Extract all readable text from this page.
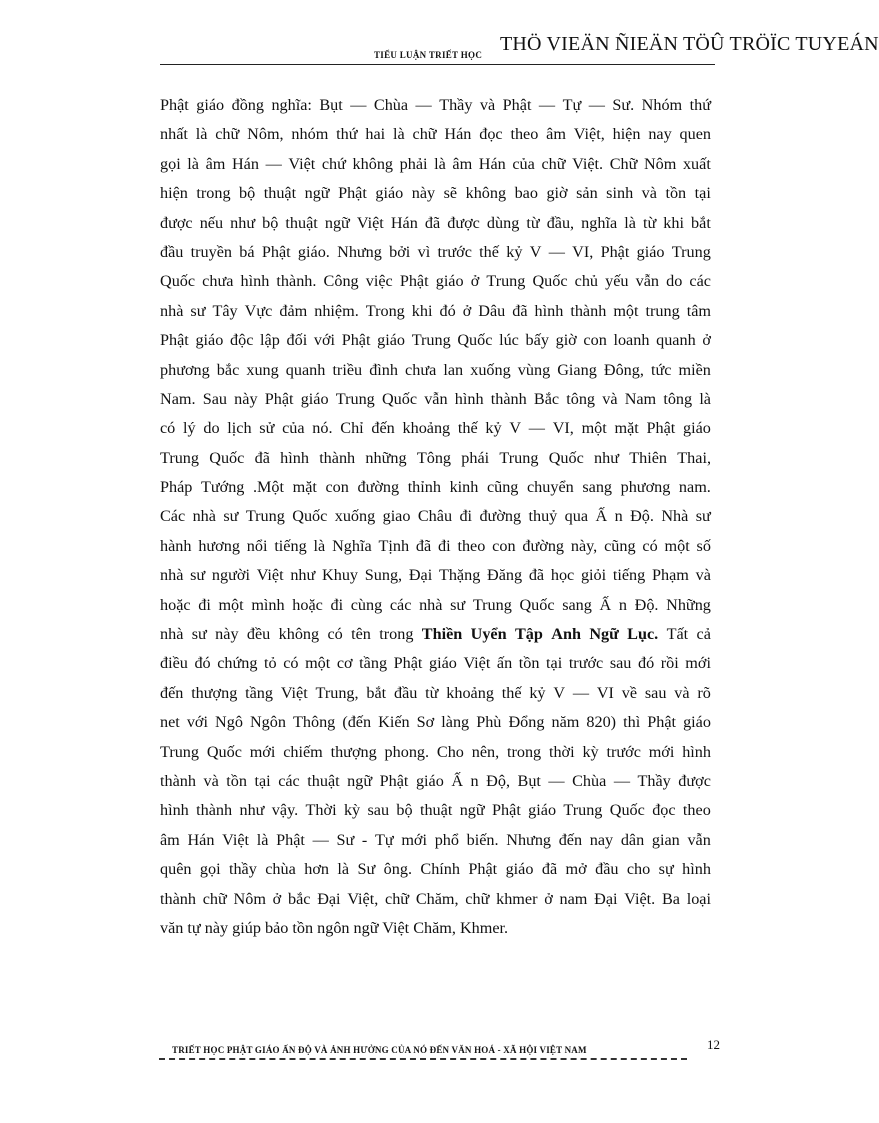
TIỂU LUẬN TRIẾT HỌC THÖ VIEÄN ÑIEÄN TÖÛ TRÖÏC TUYEÁN
Phật giáo đồng nghĩa: Bụt — Chùa — Thầy và Phật — Tự — Sư. Nhóm thứ
nhất là chữ Nôm, nhóm thứ hai là chữ Hán đọc theo âm Việt, hiện nay quen
gọi là âm Hán — Việt chứ không phải là âm Hán của chữ Việt. Chữ Nôm xuất
hiện trong bộ thuật ngữ Phật giáo này sẽ không bao giờ sản sinh và tồn tại
được nếu như bộ thuật ngữ Việt Hán đã được dùng từ đầu, nghĩa là từ khi bắt
đầu truyền bá Phật giáo. Nhưng bởi vì trước thế kỷ V — VI, Phật giáo Trung
Quốc chưa hình thành. Công việc Phật giáo ở Trung Quốc chủ yếu vẫn do các
nhà sư Tây Vực đảm nhiệm. Trong khi đó ở Dâu đã hình thành một trung tâm
Phật giáo độc lập đối với Phật giáo Trung Quốc lúc bấy giờ con loanh quanh ở
phương bắc xung quanh triều đình chưa lan xuống vùng Giang Đông, tức miền
Nam. Sau này Phật giáo Trung Quốc vẫn hình thành Bắc tông và Nam tông là
có lý do lịch sử của nó. Chỉ đến khoảng thế kỷ V — VI, một mặt Phật giáo
Trung Quốc đã hình thành những Tông phái Trung Quốc như Thiên Thai,
Pháp Tướng .Một mặt con đường thỉnh kinh cũng chuyển sang phương nam.
Các nhà sư Trung Quốc xuống giao Châu đi đường thuỷ qua Ấ n Độ. Nhà sư
hành hương nổi tiếng là Nghĩa Tịnh đã đi theo con đường này, cũng có một số
nhà sư người Việt như Khuy Sung, Đại Thặng Đăng đã học giỏi tiếng Phạm và
hoặc đi một mình hoặc đi cùng các nhà sư Trung Quốc sang Ấ n Độ. Những
nhà sư này đều không có tên trong Thiền Uyển Tập Anh Ngữ Lục. Tất cả
điều đó chứng tỏ có một cơ tầng Phật giáo Việt ấn tồn tại trước sau đó rồi mới
đến thượng tầng Việt Trung, bắt đầu từ khoảng thế kỷ V — VI về sau và rõ
net với Ngô Ngôn Thông (đến Kiến Sơ làng Phù Đổng năm 820) thì Phật giáo
Trung Quốc mới chiếm thượng phong. Cho nên, trong thời kỳ trước mới hình
thành và tồn tại các thuật ngữ Phật giáo Ấ n Độ, Bụt — Chùa — Thầy được
hình thành như vậy. Thời kỳ sau bộ thuật ngữ Phật giáo Trung Quốc đọc theo
âm Hán Việt là Phật — Sư - Tự mới phổ biến. Nhưng đến nay dân gian vẫn
quên gọi thầy chùa hơn là Sư ông. Chính Phật giáo đã mở đầu cho sự hình
thành chữ Nôm ở bắc Đại Việt, chữ Chăm, chữ khmer ở nam Đại Việt. Ba loại
văn tự này giúp bảo tồn ngôn ngữ Việt Chăm, Khmer.
TRIẾT HỌC PHẬT GIÁO ẤN ĐỘ VÀ ẢNH HƯỞNG CỦA NÓ ĐẾN VĂN HOÁ - XÃ HỘI VIỆT NAM	12
